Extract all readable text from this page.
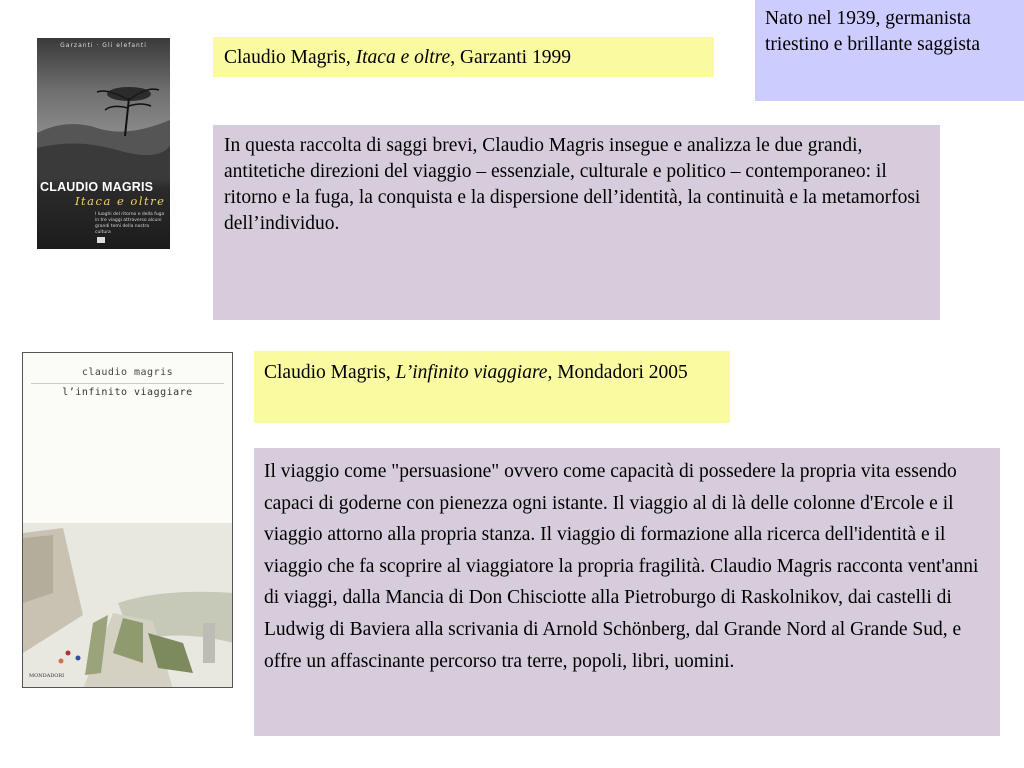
Garzanti · Gli elefanti
CLAUDIO MAGRIS
Itaca e oltre
I luoghi del ritorno e della fuga in tre viaggi attraverso alcuni grandi temi della nostra cultura
Claudio Magris, Itaca e oltre, Garzanti 1999
Nato nel 1939, germanista triestino e brillante saggista
In questa raccolta di saggi brevi, Claudio Magris insegue e analizza le due grandi, antitetiche direzioni del viaggio – essenziale, culturale e politico – contemporaneo: il ritorno e la fuga, la conquista e la dispersione dell’identità, la continuità e la metamorfosi dell’individuo.
claudio magris
l’infinito viaggiare
MONDADORI
Claudio Magris, L’infinito viaggiare, Mondadori 2005
Il viaggio come "persuasione" ovvero come capacità di possedere la propria vita essendo capaci di goderne con pienezza ogni istante. Il viaggio al di là delle colonne d'Ercole e il viaggio attorno alla propria stanza. Il viaggio di formazione alla ricerca dell'identità e il viaggio che fa scoprire al viaggiatore la propria fragilità. Claudio Magris racconta vent'anni di viaggi, dalla Mancia di Don Chisciotte alla Pietroburgo di Raskolnikov, dai castelli di Ludwig di Baviera alla scrivania di Arnold Schönberg, dal Grande Nord al Grande Sud, e offre un affascinante percorso tra terre, popoli, libri, uomini.
